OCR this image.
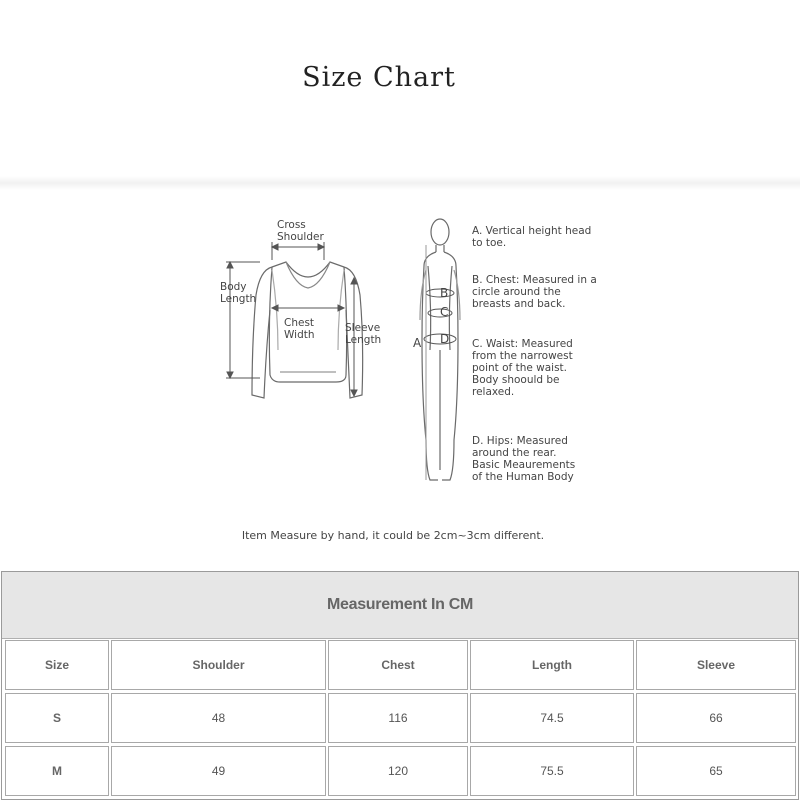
Size Chart
Cross
Shoulder
Body
Length
Chest
Width
Sleeve
Length	A
B
C
D
A. Vertical height head
to toe.
B. Chest: Measured in a
circle around the
breasts and back.
C. Waist: Measured
from the narrowest
point of the waist.
Body shoould be
relaxed.
D. Hips: Measured
around the rear.
Basic Meaurements
of the Human Body
Item Measure by hand, it could be 2cm~3cm different.
Measurement In CM
Size	Shoulder	Chest	Length	Sleeve
S	48	116	74.5	66
M	49	120	75.5	65
